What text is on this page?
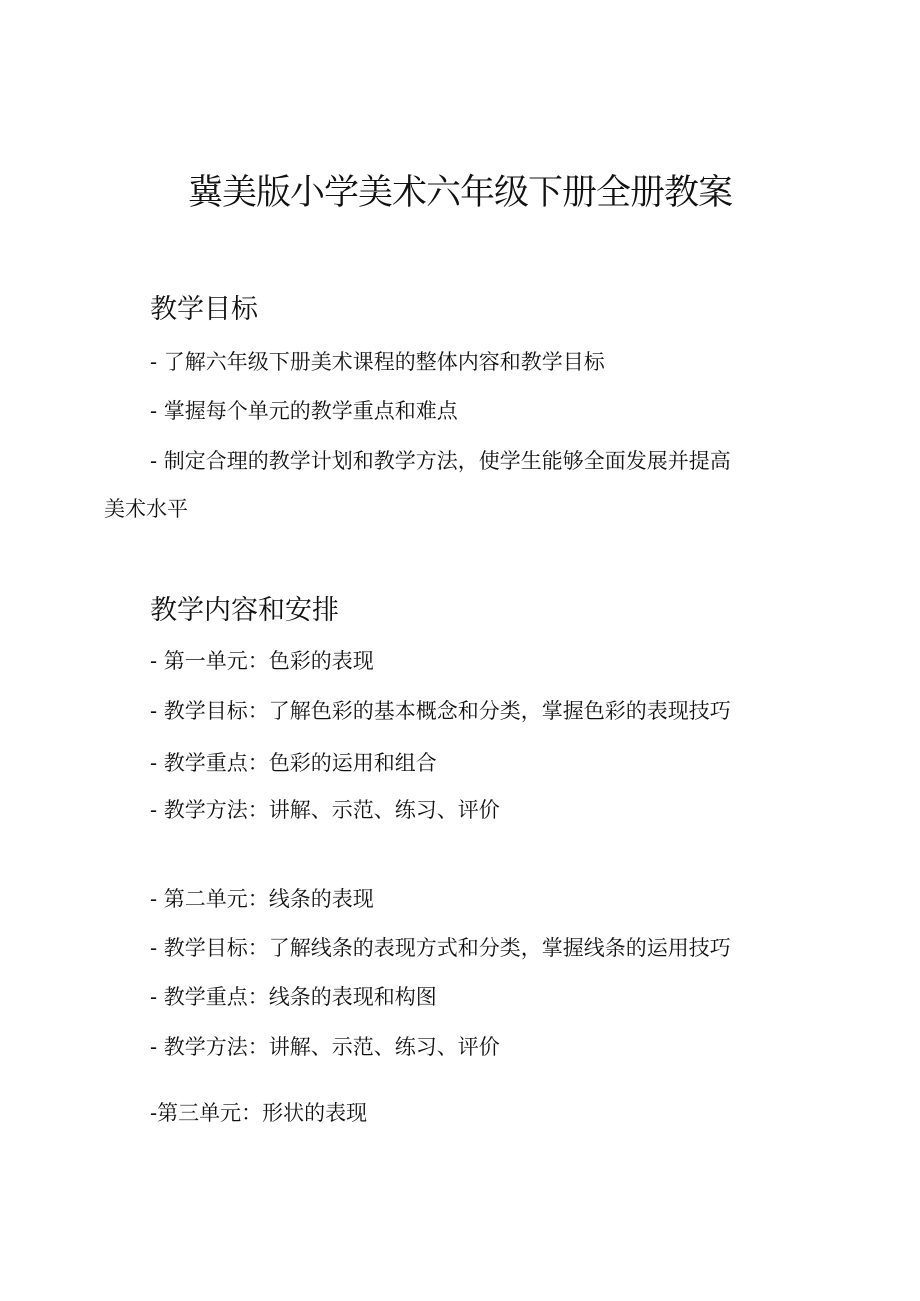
冀美版小学美术六年级下册全册教案
教学目标
- 了解六年级下册美术课程的整体内容和教学目标
- 掌握每个单元的教学重点和难点
- 制定合理的教学计划和教学方法，使学生能够全面发展并提高
美术水平
教学内容和安排
- 第一单元：色彩的表现
- 教学目标：了解色彩的基本概念和分类，掌握色彩的表现技巧
- 教学重点：色彩的运用和组合
- 教学方法：讲解、示范、练习、评价
- 第二单元：线条的表现
- 教学目标：了解线条的表现方式和分类，掌握线条的运用技巧
- 教学重点：线条的表现和构图
- 教学方法：讲解、示范、练习、评价
-第三单元：形状的表现
